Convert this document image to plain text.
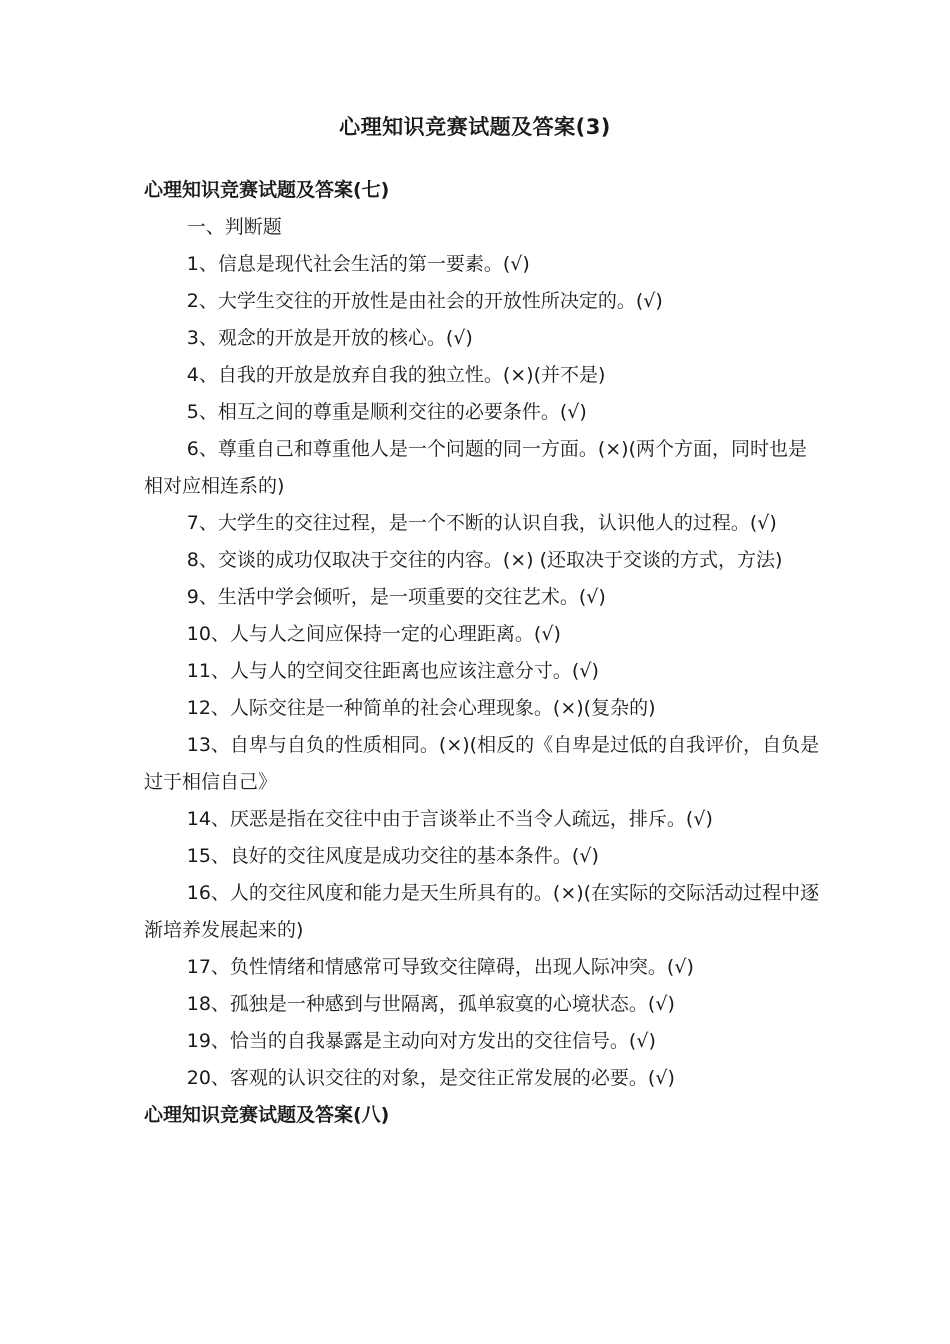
心理知识竞赛试题及答案(3)

心理知识竞赛试题及答案(七)

一、判断题

1、信息是现代社会生活的第一要素。(√)

2、大学生交往的开放性是由社会的开放性所决定的。(√)

3、观念的开放是开放的核心。(√)

4、自我的开放是放弃自我的独立性。(×)(并不是)

5、相互之间的尊重是顺利交往的必要条件。(√)

6、尊重自己和尊重他人是一个问题的同一方面。(×)(两个方面，同时也是相对应相连系的)

7、大学生的交往过程，是一个不断的认识自我，认识他人的过程。(√)

8、交谈的成功仅取决于交往的内容。(×) (还取决于交谈的方式，方法)

9、生活中学会倾听，是一项重要的交往艺术。(√)

10、人与人之间应保持一定的心理距离。(√)

11、人与人的空间交往距离也应该注意分寸。(√)

12、人际交往是一种简单的社会心理现象。(×)(复杂的)

13、自卑与自负的性质相同。(×)(相反的《自卑是过低的自我评价，自负是过于相信自己》

14、厌恶是指在交往中由于言谈举止不当令人疏远，排斥。(√)

15、良好的交往风度是成功交往的基本条件。(√)

16、人的交往风度和能力是天生所具有的。(×)(在实际的交际活动过程中逐渐培养发展起来的)

17、负性情绪和情感常可导致交往障碍，出现人际冲突。(√)

18、孤独是一种感到与世隔离，孤单寂寞的心境状态。(√)

19、恰当的自我暴露是主动向对方发出的交往信号。(√)

20、客观的认识交往的对象，是交往正常发展的必要。(√)

心理知识竞赛试题及答案(八)
